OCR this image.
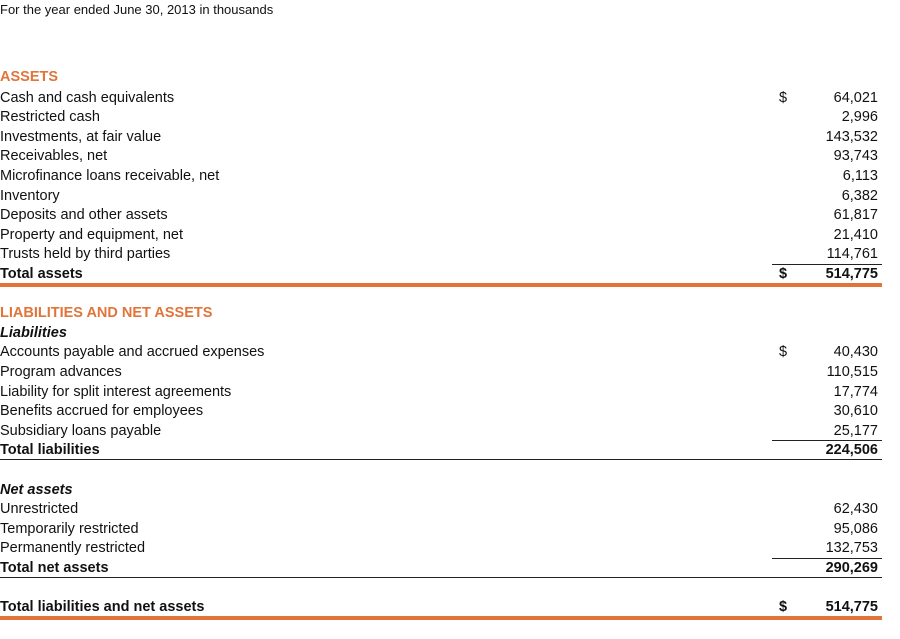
For the year ended June 30, 2013 in thousands
ASSETS
Cash and cash equivalents	$	64,021
Restricted cash	2,996
Investments, at fair value	143,532
Receivables, net	93,743
Microfinance loans receivable, net	6,113
Inventory	6,382
Deposits and other assets	61,817
Property and equipment, net	21,410
Trusts held by third parties	114,761
Total assets	$	514,775
LIABILITIES AND NET ASSETS
Liabilities
Accounts payable and accrued expenses	$	40,430
Program advances	110,515
Liability for split interest agreements	17,774
Benefits accrued for employees	30,610
Subsidiary loans payable	25,177
Total liabilities	224,506
Net assets
Unrestricted	62,430
Temporarily restricted	95,086
Permanently restricted	132,753
Total net assets	290,269
Total liabilities and net assets	$	514,775
